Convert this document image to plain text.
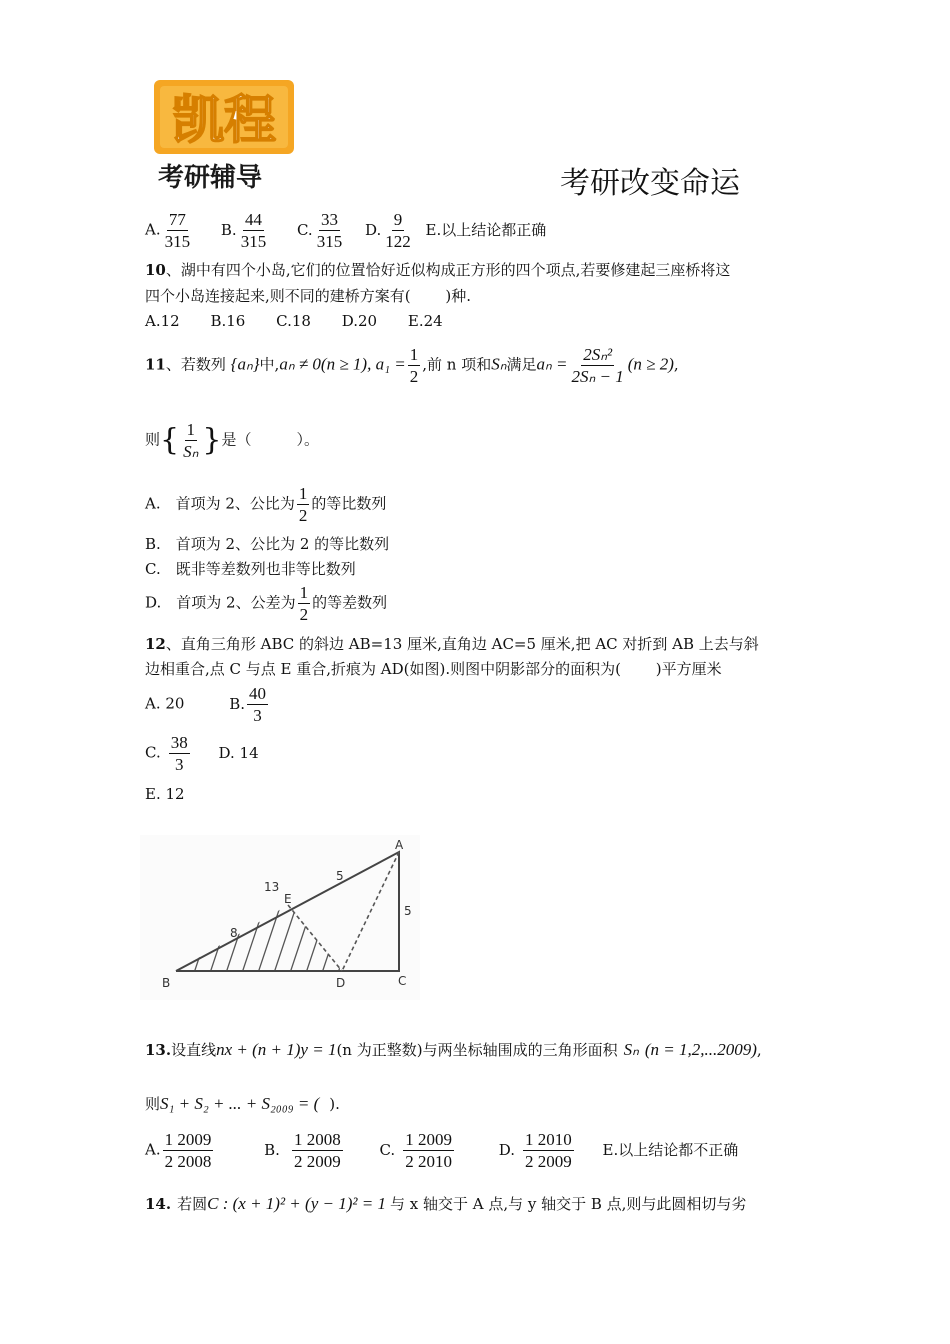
凯程
考研辅导	考研改变命运
A. $\frac{77}{315} B$. $\frac{44}{315} C$. $\frac{33}{315} D$. $\frac{9}{122} E$.以上结论都正确
10、湖中有四个小岛,它们的位置恰好近似构成正方形的四个项点,若要修建起三座桥将这
四个小岛连接起来,则不同的建桥方案有(　　 )种.
A.12 B.16 C.18 D.20 E.24
11、若数列 {aₙ}中,aₙ ≠ 0(n ≥ 1), $a_1 = \frac{1}{2}$ ,前 n 项和Sₙ满足$a_n = \frac{\text{2Sₙ²}}{\text{2Sₙ − 1}} (n \ge 2)$,
则{ $\frac{1}{\text{Sₙ}}$ }是（　　　）。
A.　首项为 2、公比为 $\frac{1}{2}$ 的等比数列
B.　首项为 2、公比为 2 的等比数列
C.　既非等差数列也非等比数列
D.　首项为 2、公差为 $\frac{1}{2}$ 的等差数列
12、直角三角形 ABC 的斜边 AB=13 厘米,直角边 AC=5 厘米,把 AC 对折到 AB 上去与斜
边相重合,点 C 与点 E 重合,折痕为 AD(如图).则图中阴影部分的面积为(　　 )平方厘米
A. 20	B. $\frac{40}{3}$
C. $\frac{38}{3} D$. 14
E. 12
A
B	C
D
E
13
5
5
8
13.设直线nx + (n + 1)y = 1(n 为正整数)与两坐标轴围成的三角形面积 Sₙ (n = 1,2,...2009),
则S₁ + S₂ + ... + S₂₀₀₉ = ( ).
A. $\frac{1 2009}{2 2008}$	B. $\frac{1 2008}{2 2009} C$. $\frac{1 2009}{2 2010}$	D. $\frac{1 2010}{2 2009} E$.以上结论都不正确
14. 若圆C : (x + 1)² + (y − 1)² = 1 与 x 轴交于 A 点,与 y 轴交于 B 点,则与此圆相切与劣
